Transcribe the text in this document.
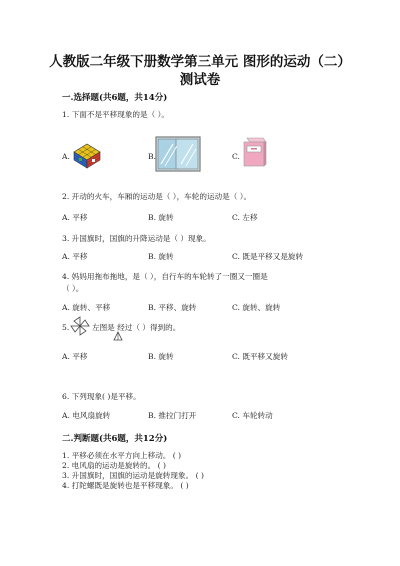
人教版二年级下册数学第三单元 图形的运动（二）
测试卷
一.选择题(共6题，共14分)
1. 下面不是平移现象的是（ ）。
A.	B.	C.
2. 开动的火车，车厢的运动是（ ），车轮的运动是（ ）。
A. 平移	B. 旋转	C. 左移
3. 升国旗时，国旗的升降运动是（ ）现象。
A. 平移	B. 旋转	C. 既是平移又是旋转
4. 妈妈用拖布拖地，是（ ），自行车的车轮转了一圈又一圈是
（ ）。
A. 旋转、平移	B. 平移、旋转	C. 旋转、旋转
5.	左图是 经过（ ）得到的。
A. 平移	B. 旋转	C. 既平移又旋转
6. 下列现象( )是平移。
A. 电风扇旋转	B. 推拉门打开	C. 车轮转动
二.判断题(共6题，共12分)
1. 平移必须在水平方向上移动。 ( )
2. 电风扇的运动是旋转的。 ( )
3. 升国旗时，国旗的运动是旋转现象。 ( )
4. 打陀螺既是旋转也是平移现象。 ( )
